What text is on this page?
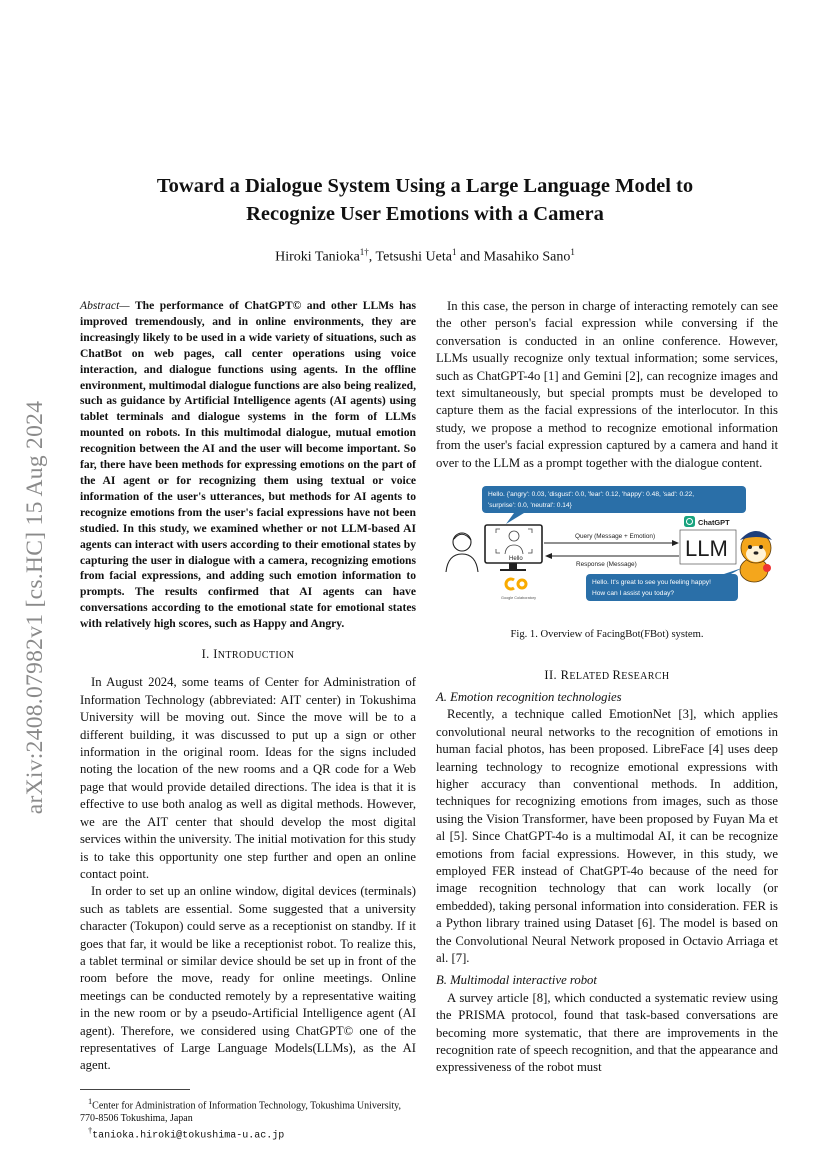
arXiv:2408.07982v1 [cs.HC] 15 Aug 2024
Toward a Dialogue System Using a Large Language Model to
Recognize User Emotions with a Camera

Hiroki Tanioka$^{1\dagger}$, Tetsushi Ueta$^1$ and Masahiko Sano$^1$

Abstract— The performance of ChatGPT© and other LLMs has improved tremendously, and in online environments, they are increasingly likely to be used in a wide variety of situations, such as ChatBot on web pages, call center operations using voice interaction, and dialogue functions using agents. In the offline environment, multimodal dialogue functions are also being realized, such as guidance by Artificial Intelligence agents (AI agents) using tablet terminals and dialogue systems in the form of LLMs mounted on robots. In this multimodal dialogue, mutual emotion recognition between the AI and the user will become important. So far, there have been methods for expressing emotions on the part of the AI agent or for recognizing them using textual or voice information of the user's utterances, but methods for AI agents to recognize emotions from the user's facial expressions have not been studied. In this study, we examined whether or not LLM-based AI agents can interact with users according to their emotional states by capturing the user in dialogue with a camera, recognizing emotions from facial expressions, and adding such emotion information to prompts. The results confirmed that AI agents can have conversations according to the emotional state for emotional states with relatively high scores, such as Happy and Angry.

I. INTRODUCTION

In August 2024, some teams of Center for Administration of Information Technology (abbreviated: AIT center) in Tokushima University will be moving out. Since the move will be to a different building, it was discussed to put up a sign or other information in the original room. Ideas for the signs included noting the location of the new rooms and a QR code for a Web page that would provide detailed directions. The idea is that it is effective to use both analog as well as digital methods. However, we are the AIT center that should develop the most digital services within the university. The initial motivation for this study is to take this opportunity one step further and open an online contact point.

In order to set up an online window, digital devices (terminals) such as tablets are essential. Some suggested that a university character (Tokupon) could serve as a receptionist on standby. If it goes that far, it would be like a receptionist robot. To realize this, a tablet terminal or similar device should be set up in front of the room before the move, ready for online meetings. Online meetings can be conducted remotely by a representative waiting in the new room or by a pseudo-Artificial Intelligence agent (AI agent). Therefore, we considered using ChatGPT© one of the representatives of Large Language Models(LLMs), as the AI agent.

$^1$Center for Administration of Information Technology, Tokushima University, 770-8506 Tokushima, Japan

†tanioka.hiroki@tokushima-u.ac.jp

In this case, the person in charge of interacting remotely can see the other person's facial expression while conversing if the conversation is conducted in an online conference. However, LLMs usually recognize only textual information; some services, such as ChatGPT-4o [1] and Gemini [2], can recognize images and text simultaneously, but special prompts must be developed to capture them as the facial expressions of the interlocutor. In this study, we propose a method to recognize emotional information from the user's facial expression captured by a camera and hand it over to the LLM as a prompt together with the dialogue content.

Hello. {'angry': 0.03, 'disgust': 0.0, 'fear': 0.12, 'happy': 0.48, 'sad': 0.22,
'surprise': 0.0, 'neutral': 0.14}
Hello
Google Colaboratory
Query (Message + Emotion)
Response (Message)
ChatGPT
LLM
Hello. It's great to see you feeling happy!
How can I assist you today?

Fig. 1. Overview of FacingBot(FBot) system.

II. RELATED RESEARCH

A. Emotion recognition technologies

Recently, a technique called EmotionNet [3], which applies convolutional neural networks to the recognition of emotions in human facial photos, has been proposed. LibreFace [4] uses deep learning technology to recognize emotional expressions with higher accuracy than conventional methods. In addition, techniques for recognizing emotions from images, such as those using the Vision Transformer, have been proposed by Fuyan Ma et al [5]. Since ChatGPT-4o is a multimodal AI, it can be recognize emotions from facial expressions. However, in this study, we employed FER instead of ChatGPT-4o because of the need for image recognition technology that can work locally (or embedded), taking personal information into consideration. FER is a Python library trained using Dataset [6]. The model is based on the Convolutional Neural Network proposed in Octavio Arriaga et al. [7].

B. Multimodal interactive robot

A survey article [8], which conducted a systematic review using the PRISMA protocol, found that task-based conversations are becoming more systematic, that there are improvements in the recognition rate of speech recognition, and that the appearance and expressiveness of the robot must
